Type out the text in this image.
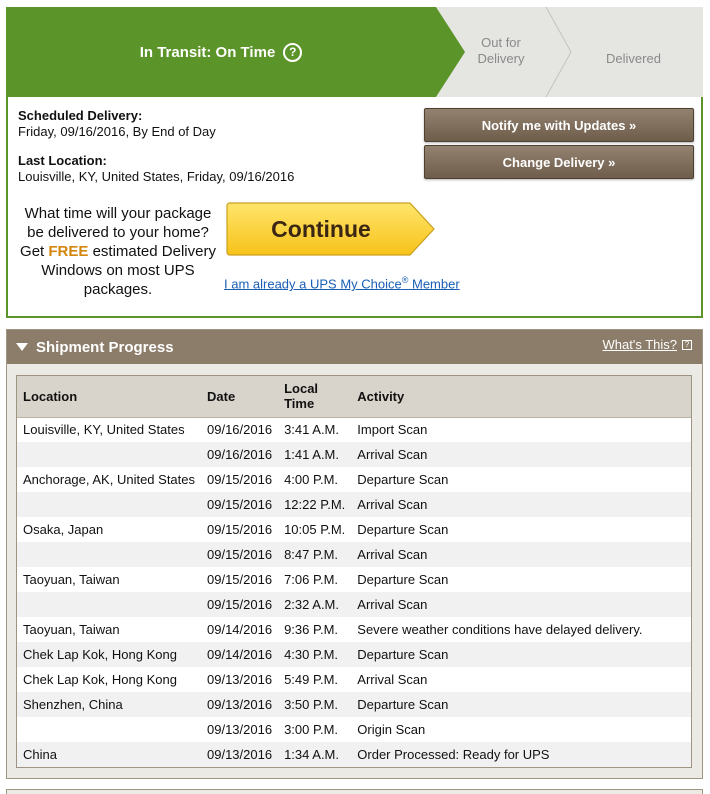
In Transit: On Time	?
Out for
Delivery	Delivered
Scheduled Delivery:
Friday, 09/16/2016, By End of Day
Last Location:
Louisville, KY, United States, Friday, 09/16/2016
Notify me with Updates »
Change Delivery »
What time will your package be delivered to your home? Get FREE estimated Delivery Windows on most UPS packages.
Continue
I am already a UPS My Choice® Member
Shipment Progress	What's This? ?
Location	Date	Local Time	Activity
Louisville, KY, United States	09/16/2016	3:41 A.M.	Import Scan
	09/16/2016	1:41 A.M.	Arrival Scan
Anchorage, AK, United States	09/15/2016	4:00 P.M.	Departure Scan
	09/15/2016	12:22 P.M.	Arrival Scan
Osaka, Japan	09/15/2016	10:05 P.M.	Departure Scan
	09/15/2016	8:47 P.M.	Arrival Scan
Taoyuan, Taiwan	09/15/2016	7:06 P.M.	Departure Scan
	09/15/2016	2:32 A.M.	Arrival Scan
Taoyuan, Taiwan	09/14/2016	9:36 P.M.	Severe weather conditions have delayed delivery.
Chek Lap Kok, Hong Kong	09/14/2016	4:30 P.M.	Departure Scan
Chek Lap Kok, Hong Kong	09/13/2016	5:49 P.M.	Arrival Scan
Shenzhen, China	09/13/2016	3:50 P.M.	Departure Scan
	09/13/2016	3:00 P.M.	Origin Scan
China	09/13/2016	1:34 A.M.	Order Processed: Ready for UPS
